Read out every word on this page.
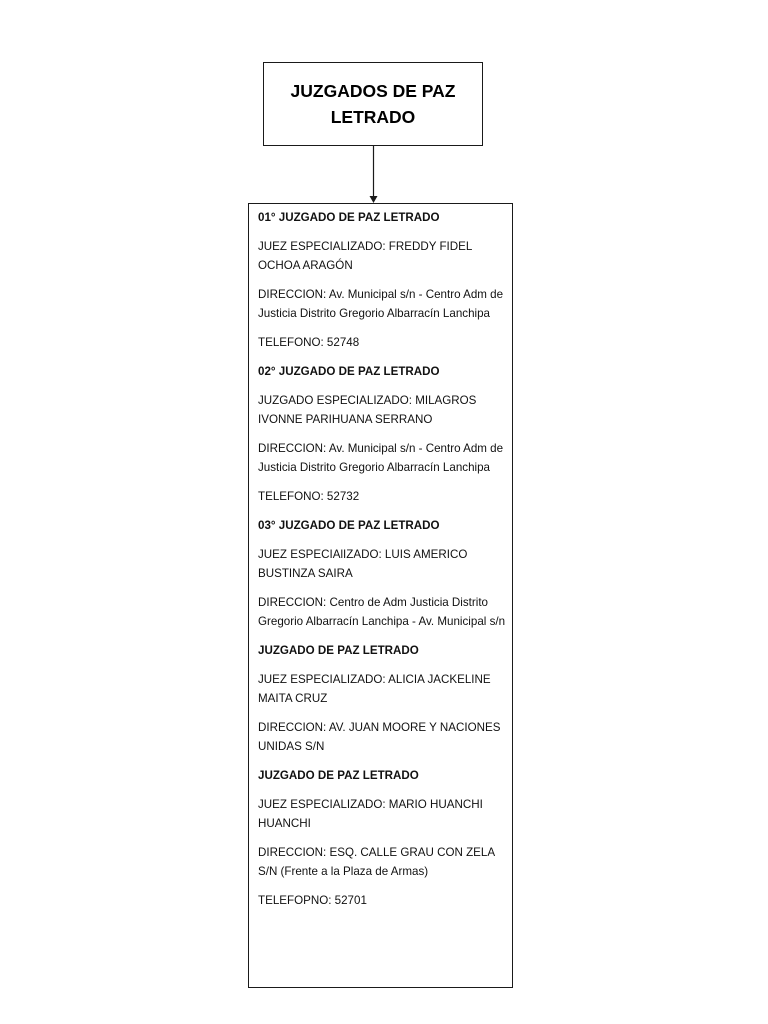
JUZGADOS DE PAZ
LETRADO

01° JUZGADO DE PAZ LETRADO

JUEZ ESPECIALIZADO: FREDDY FIDEL OCHOA ARAGÓN

DIRECCION: Av. Municipal s/n - Centro Adm de Justicia Distrito Gregorio Albarracín Lanchipa

TELEFONO: 52748

02° JUZGADO DE PAZ LETRADO

JUZGADO ESPECIALIZADO: MILAGROS IVONNE PARIHUANA SERRANO

DIRECCION: Av. Municipal s/n - Centro Adm de Justicia Distrito Gregorio Albarracín Lanchipa

TELEFONO: 52732

03° JUZGADO DE PAZ LETRADO

JUEZ ESPECIAlIZADO: LUIS AMERICO BUSTINZA SAIRA

DIRECCION: Centro de Adm Justicia Distrito Gregorio Albarracín Lanchipa - Av. Municipal s/n

JUZGADO DE PAZ LETRADO

JUEZ ESPECIALIZADO: ALICIA JACKELINE MAITA CRUZ

DIRECCION: AV. JUAN MOORE Y NACIONES UNIDAS S/N

JUZGADO DE PAZ LETRADO

JUEZ ESPECIALIZADO: MARIO HUANCHI HUANCHI

DIRECCION: ESQ. CALLE GRAU CON ZELA S/N (Frente a la Plaza de Armas)

TELEFOPNO: 52701
